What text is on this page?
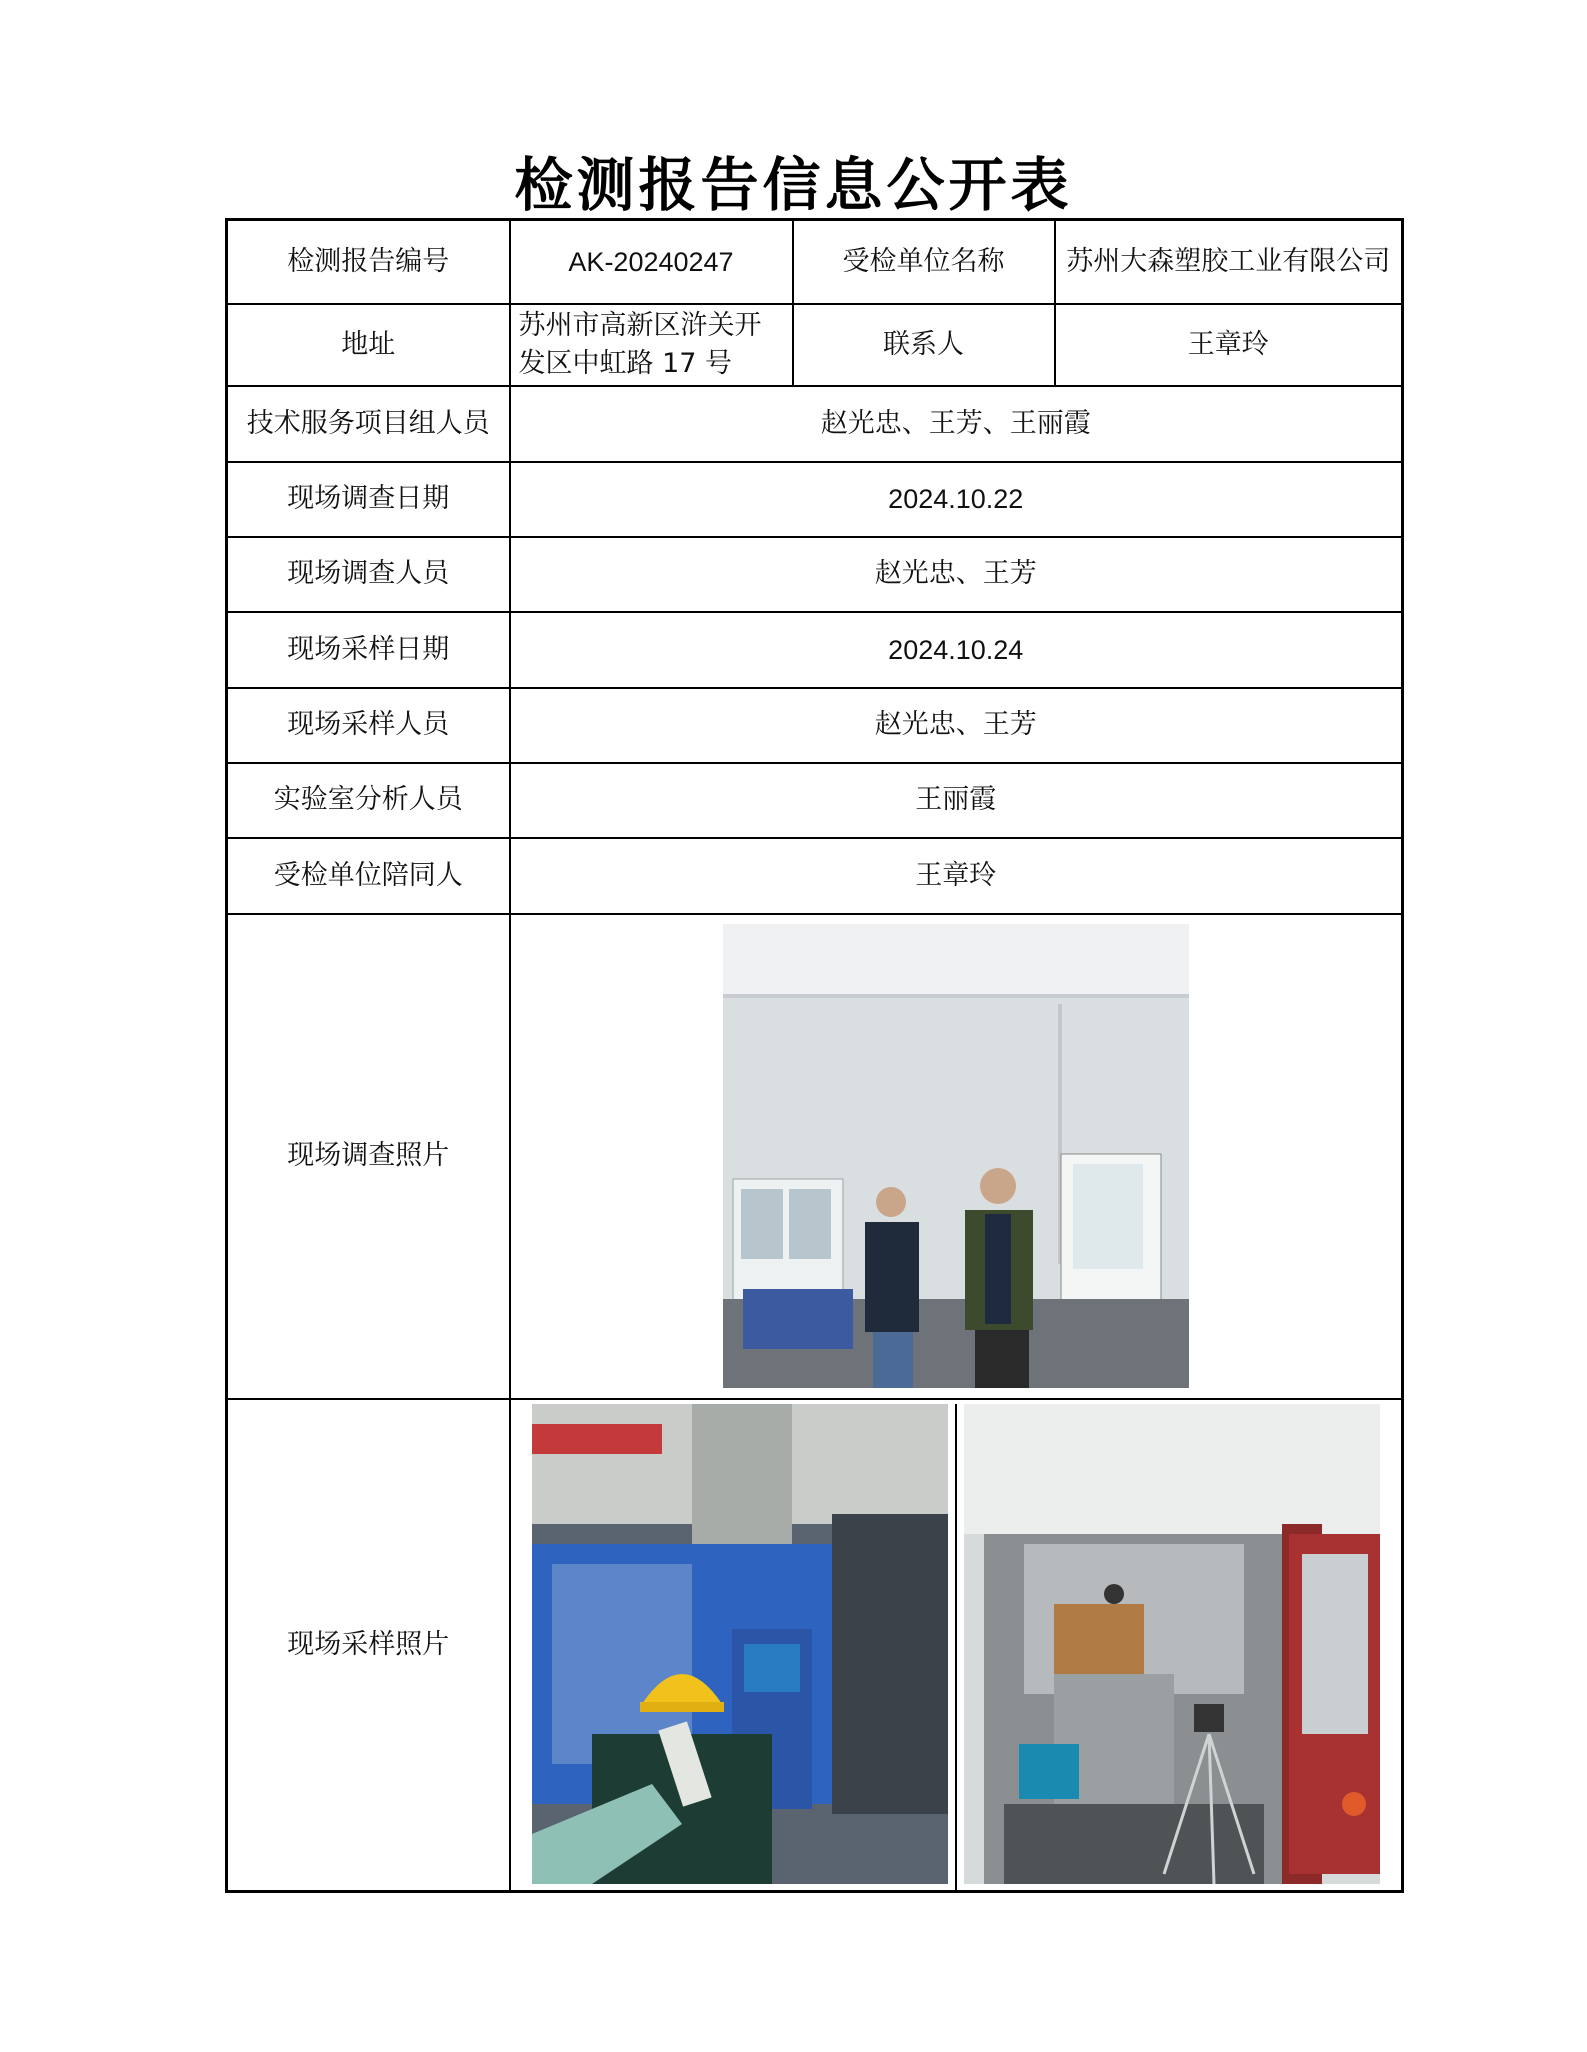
检测报告信息公开表
检测报告编号	AK-20240247	受检单位名称	苏州大森塑胶工业有限公司
地址	苏州市高新区浒关开发区中虹路 17 号	联系人	王章玲
技术服务项目组人员	赵光忠、王芳、王丽霞		
现场调查日期	2024.10.22		
现场调查人员	赵光忠、王芳		
现场采样日期	2024.10.24		
现场采样人员	赵光忠、王芳		
实验室分析人员	王丽霞		
受检单位陪同人	王章玲		
现场调查照片	

现场采样照片	
